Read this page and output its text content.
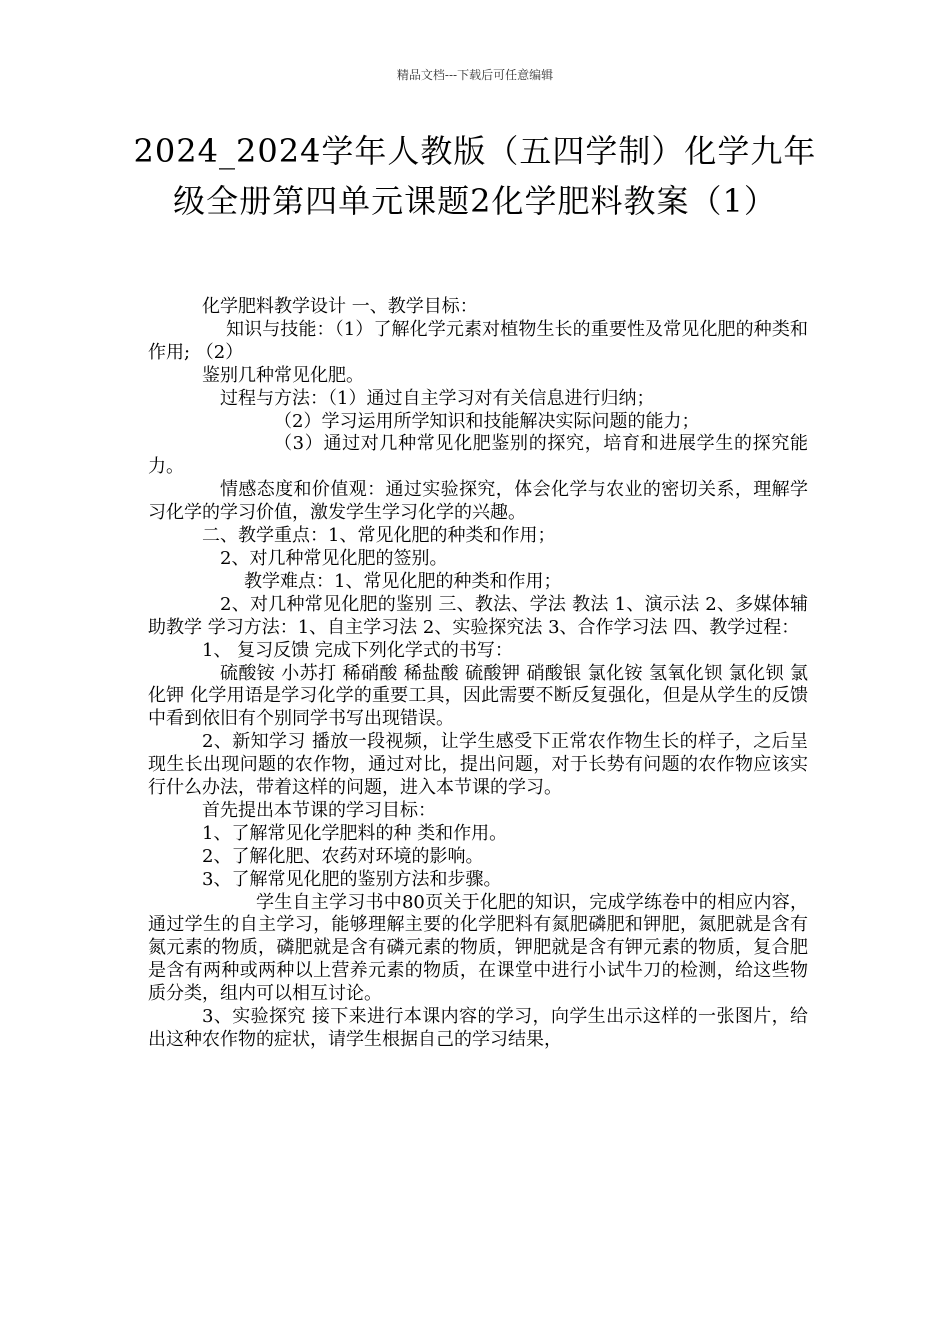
精品文档---下载后可任意编辑
2024_2024学年人教版（五四学制）化学九年级全册第四单元课题2化学肥料教案（1）

化学肥料教学设计 一、教学目标：

知识与技能：（1）了解化学元素对植物生长的重要性及常见化肥的种类和作用; （2）

鉴别几种常见化肥。

过程与方法：（1）通过自主学习对有关信息进行归纳；

（2）学习运用所学知识和技能解决实际问题的能力；

（3）通过对几种常见化肥鉴别的探究，培育和进展学生的探究能力。

情感态度和价值观：通过实验探究，体会化学与农业的密切关系，理解学习化学的学习价值，激发学生学习化学的兴趣。

二、教学重点：1、常见化肥的种类和作用；

2、对几种常见化肥的签别。

教学难点：1、常见化肥的种类和作用；

2、对几种常见化肥的鉴别 三、教法、学法 教法 1、演示法 2、多媒体辅助教学 学习方法：1、自主学习法 2、实验探究法 3、合作学习法 四、教学过程：

1、 复习反馈 完成下列化学式的书写：

硫酸铵 小苏打 稀硝酸 稀盐酸 硫酸钾 硝酸银 氯化铵 氢氧化钡 氯化钡 氯化钾 化学用语是学习化学的重要工具，因此需要不断反复强化，但是从学生的反馈中看到依旧有个别同学书写出现错误。

2、新知学习 播放一段视频，让学生感受下正常农作物生长的样子，之后呈现生长出现问题的农作物，通过对比，提出问题，对于长势有问题的农作物应该实行什么办法，带着这样的问题，进入本节课的学习。

首先提出本节课的学习目标：

1、了解常见化学肥料的种 类和作用。

2、了解化肥、农药对环境的影响。

3、了解常见化肥的鉴别方法和步骤。

学生自主学习书中80页关于化肥的知识，完成学练卷中的相应内容，通过学生的自主学习，能够理解主要的化学肥料有氮肥磷肥和钾肥，氮肥就是含有氮元素的物质，磷肥就是含有磷元素的物质，钾肥就是含有钾元素的物质，复合肥是含有两种或两种以上营养元素的物质，在课堂中进行小试牛刀的检测，给这些物质分类，组内可以相互讨论。

3、实验探究 接下来进行本课内容的学习，向学生出示这样的一张图片，给出这种农作物的症状，请学生根据自己的学习结果，
